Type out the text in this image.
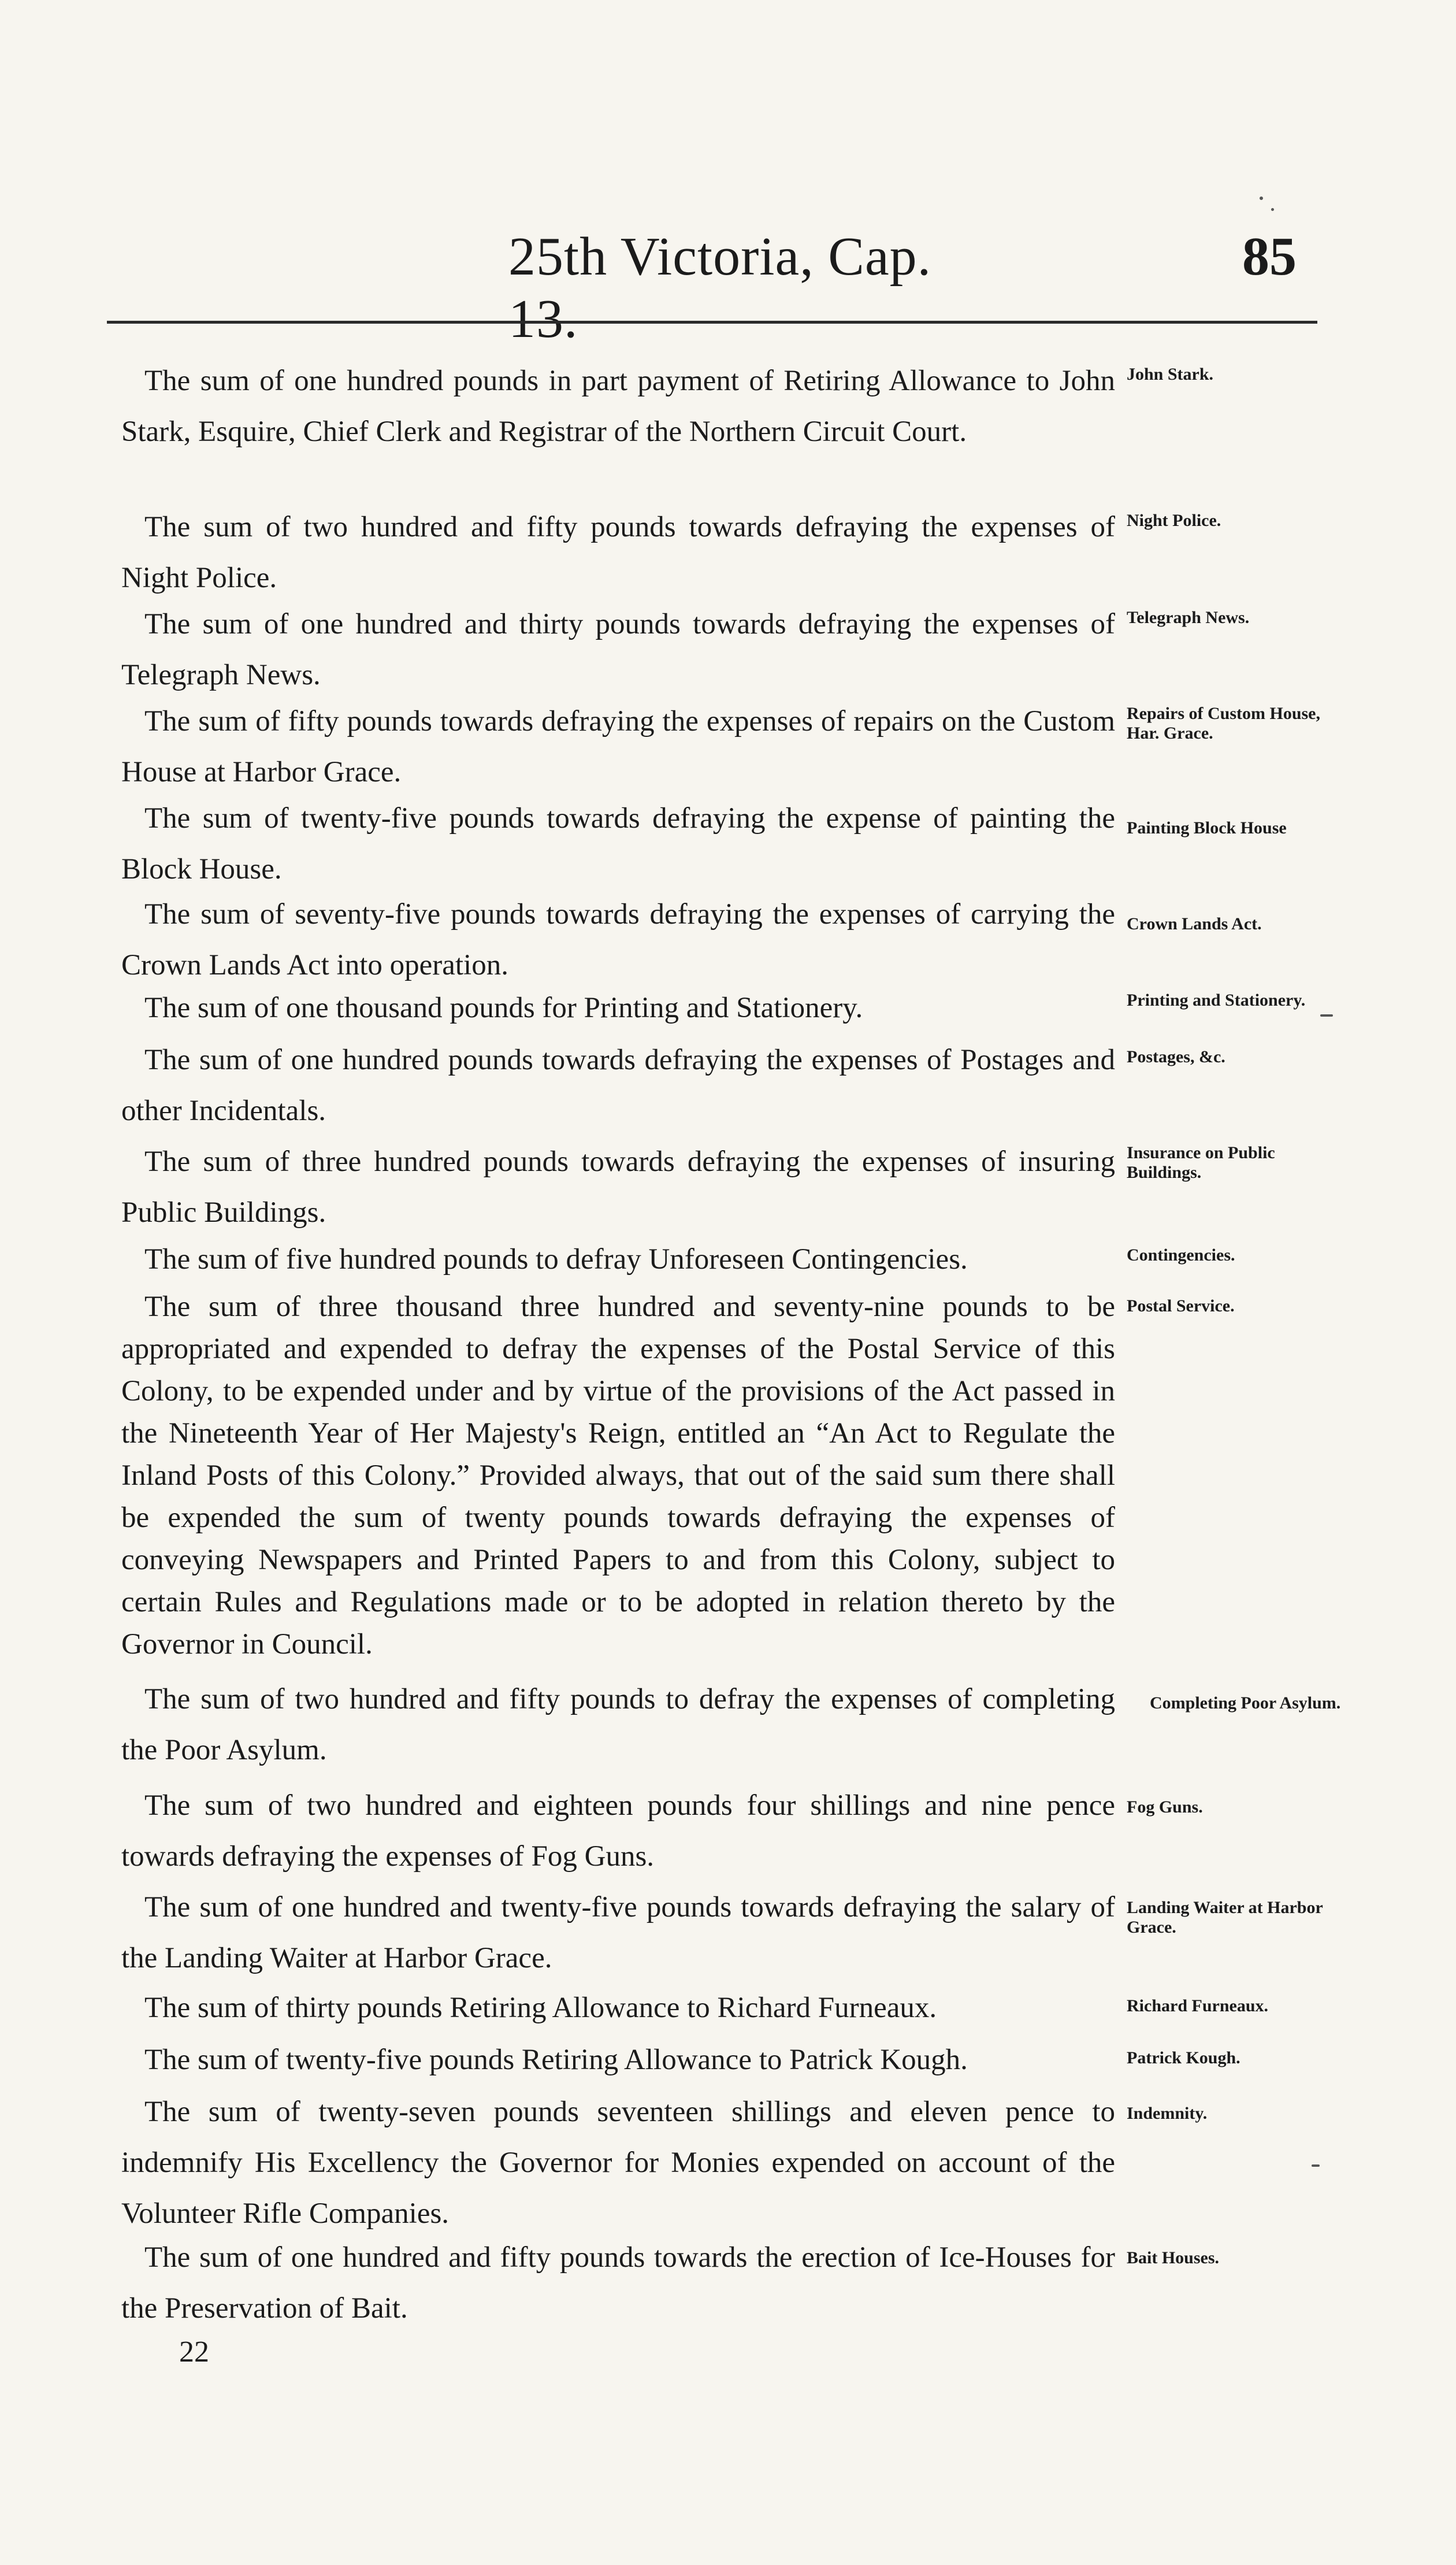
25th Victoria, Cap. 13.
85

The sum of one hundred pounds in part payment of Retiring Allowance to John Stark, Esquire, Chief Clerk and Registrar of the Northern Circuit Court.

John Stark.

The sum of two hundred and fifty pounds towards defraying the expenses of Night Police.

Night Police.

The sum of one hundred and thirty pounds towards defraying the expenses of Telegraph News.

Telegraph News.

The sum of fifty pounds towards defraying the expenses of repairs on the Custom House at Harbor Grace.

Repairs of Custom House, Har. Grace.

The sum of twenty-five pounds towards defraying the expense of painting the Block House.

Painting Block House

The sum of seventy-five pounds towards defraying the expenses of carrying the Crown Lands Act into operation.

Crown Lands Act.

The sum of one thousand pounds for Printing and Stationery.	Printing and Stationery.

The sum of one hundred pounds towards defraying the expenses of Postages and other Incidentals.

Postages, &c.

The sum of three hundred pounds towards defraying the expenses of insuring Public Buildings.

Insurance on Public Buildings.

The sum of five hundred pounds to defray Unforeseen Contingencies.	Contingencies.

The sum of three thousand three hundred and seventy-nine pounds to be appropriated and expended to defray the expenses of the Postal Service of this Colony, to be expended under and by virtue of the provisions of the Act passed in the Nineteenth Year of Her Majesty's Reign, entitled an “An Act to Regulate the Inland Posts of this Colony.” Provided always, that out of the said sum there shall be expended the sum of twenty pounds towards defraying the expenses of conveying Newspapers and Printed Papers to and from this Colony, subject to certain Rules and Regulations made or to be adopted in relation thereto by the Governor in Council.

Postal Service.

The sum of two hundred and fifty pounds to defray the expenses of completing the Poor Asylum.

Completing Poor Asylum.

The sum of two hundred and eighteen pounds four shillings and nine pence towards defraying the expenses of Fog Guns.

Fog Guns.

The sum of one hundred and twenty-five pounds towards defraying the salary of the Landing Waiter at Harbor Grace.

Landing Waiter at Harbor Grace.

The sum of thirty pounds Retiring Allowance to Richard Furneaux.	Richard Furneaux.

The sum of twenty-five pounds Retiring Allowance to Patrick Kough.	Patrick Kough.

The sum of twenty-seven pounds seventeen shillings and eleven pence to indemnify His Excellency the Governor for Monies expended on account of the Volunteer Rifle Companies.

Indemnity.

The sum of one hundred and fifty pounds towards the erection of Ice-Houses for the Preservation of Bait.

Bait Houses.
22
